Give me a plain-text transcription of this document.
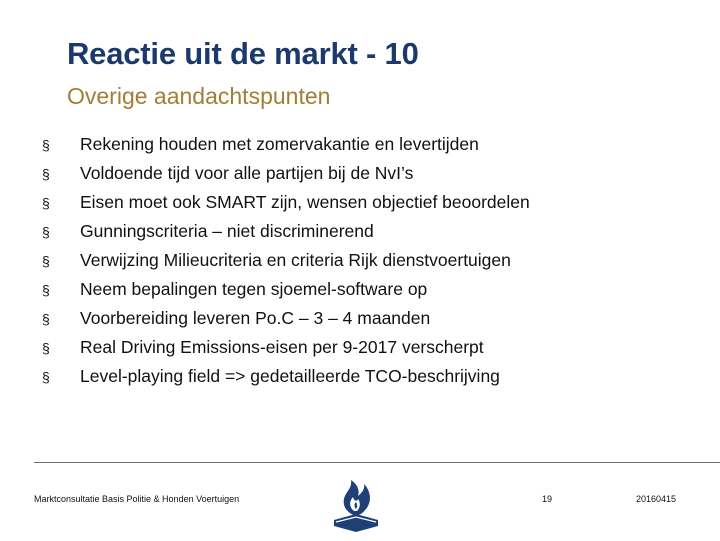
Reactie uit de markt - 10
Overige aandachtspunten
§	Rekening houden met zomervakantie en levertijden
§	Voldoende tijd voor alle partijen bij de NvI’s
§	Eisen moet ook SMART zijn, wensen objectief beoordelen
§	Gunningscriteria – niet discriminerend
§	Verwijzing Milieucriteria en criteria Rijk dienstvoertuigen
§	Neem bepalingen tegen sjoemel-software op
§	Voorbereiding leveren Po.C – 3 – 4 maanden
§	Real Driving Emissions-eisen per 9-2017 verscherpt
§	Level-playing field => gedetailleerde TCO-beschrijving
Marktconsultatie Basis Politie & Honden Voertuigen	19	20160415
